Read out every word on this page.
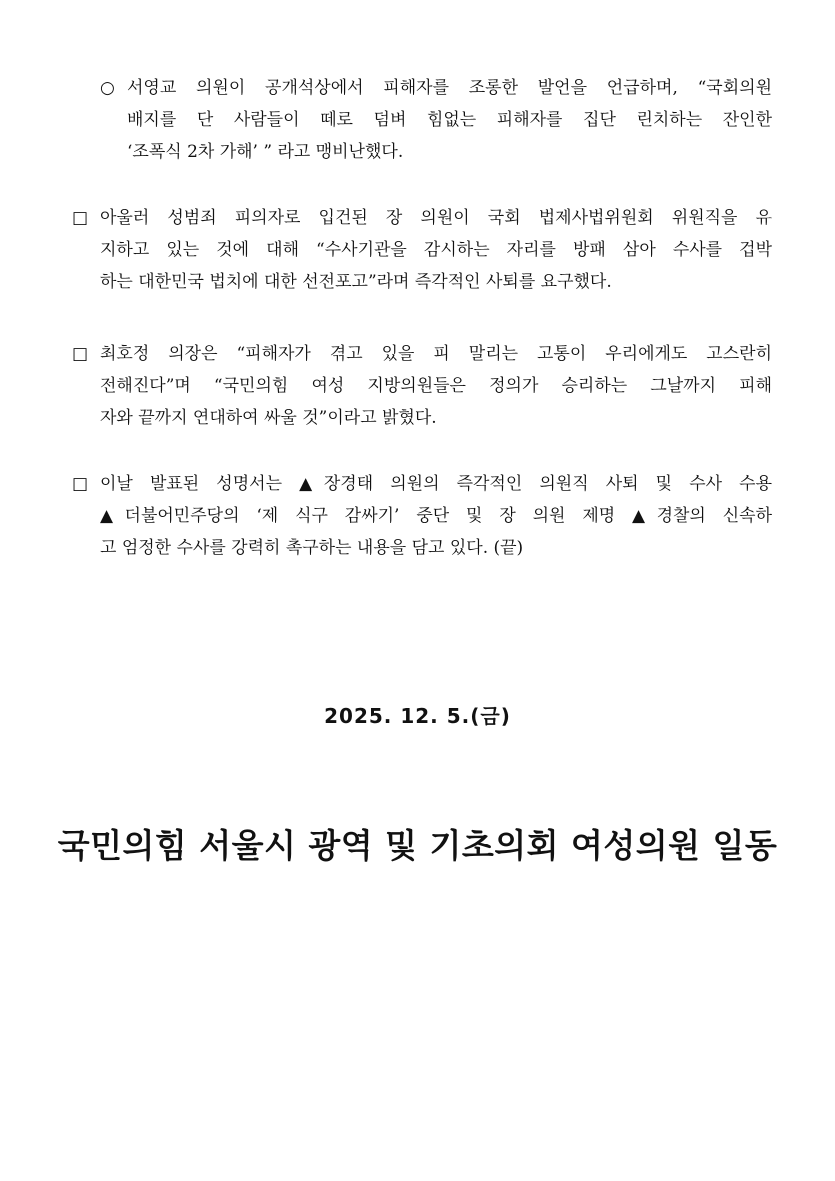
○ 서영교 의원이 공개석상에서 피해자를 조롱한 발언을 언급하며, “국회의원
배지를 단 사람들이 떼로 덤벼 힘없는 피해자를 집단 린치하는 잔인한
‘조폭식 2차 가해’ ” 라고 맹비난했다.
□ 아울러 성범죄 피의자로 입건된 장 의원이 국회 법제사법위원회 위원직을 유
지하고 있는 것에 대해 “수사기관을 감시하는 자리를 방패 삼아 수사를 겁박
하는 대한민국 법치에 대한 선전포고”라며 즉각적인 사퇴를 요구했다.
□ 최호정 의장은 “피해자가 겪고 있을 피 말리는 고통이 우리에게도 고스란히
전해진다”며 “국민의힘 여성 지방의원들은 정의가 승리하는 그날까지 피해
자와 끝까지 연대하여 싸울 것”이라고 밝혔다.
□ 이날 발표된 성명서는 ▲장경태 의원의 즉각적인 의원직 사퇴 및 수사 수용
▲더불어민주당의 ‘제 식구 감싸기’ 중단 및 장 의원 제명 ▲경찰의 신속하
고 엄정한 수사를 강력히 촉구하는 내용을 담고 있다. (끝)
2025. 12. 5.(금)
국민의힘 서울시 광역 및 기초의회 여성의원 일동
